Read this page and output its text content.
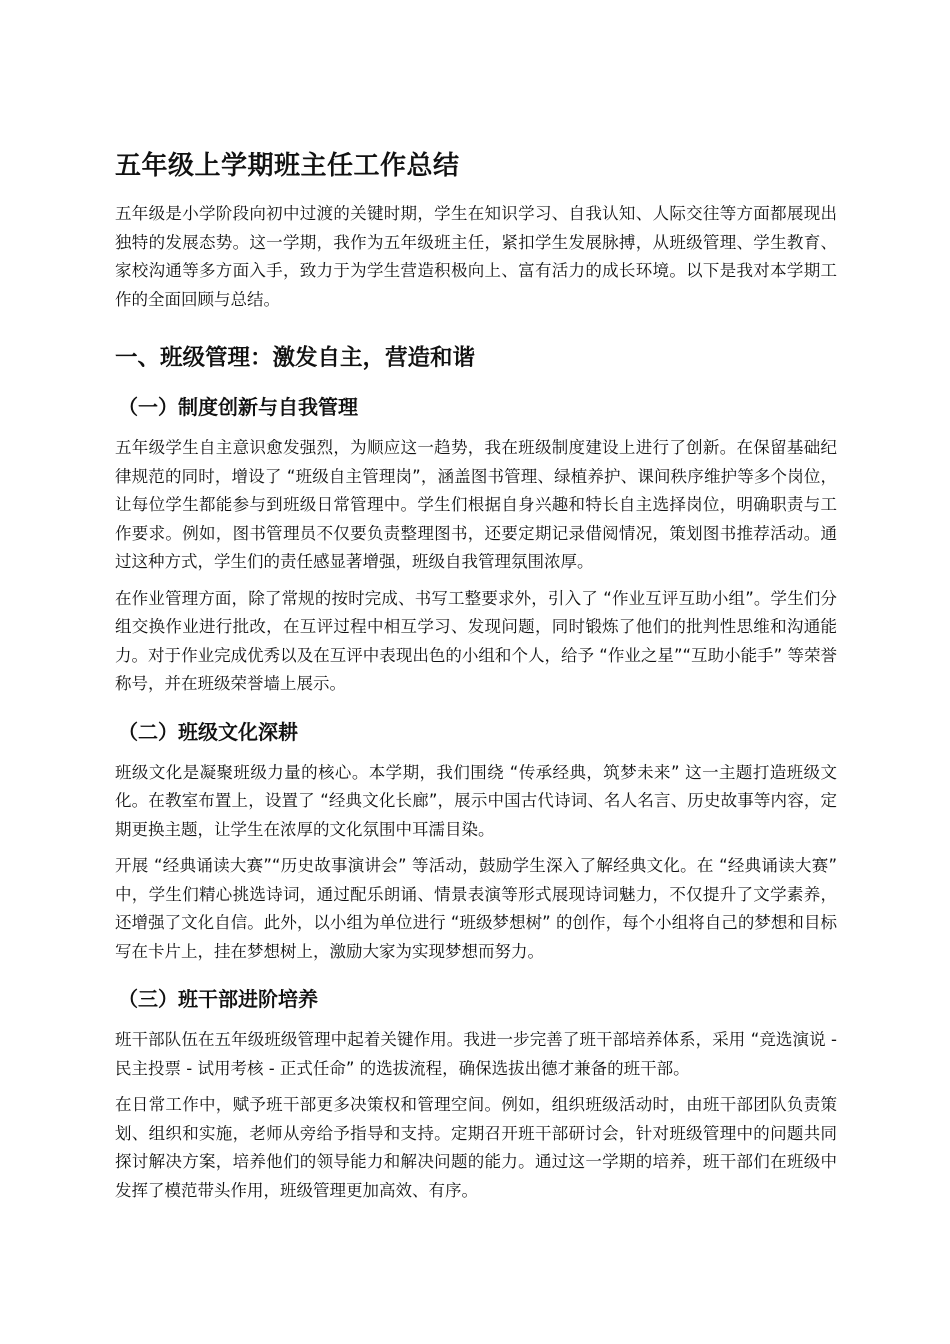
五年级上学期班主任工作总结

五年级是小学阶段向初中过渡的关键时期，学生在知识学习、自我认知、人际交往等方面都展现出独特的发展态势。这一学期，我作为五年级班主任，紧扣学生发展脉搏，从班级管理、学生教育、家校沟通等多方面入手，致力于为学生营造积极向上、富有活力的成长环境。以下是我对本学期工作的全面回顾与总结。

一、班级管理：激发自主，营造和谐
（一）制度创新与自我管理

五年级学生自主意识愈发强烈，为顺应这一趋势，我在班级制度建设上进行了创新。在保留基础纪律规范的同时，增设了 “班级自主管理岗”，涵盖图书管理、绿植养护、课间秩序维护等多个岗位，让每位学生都能参与到班级日常管理中。学生们根据自身兴趣和特长自主选择岗位，明确职责与工作要求。例如，图书管理员不仅要负责整理图书，还要定期记录借阅情况，策划图书推荐活动。通过这种方式，学生们的责任感显著增强，班级自我管理氛围浓厚。

在作业管理方面，除了常规的按时完成、书写工整要求外，引入了 “作业互评互助小组”。学生们分组交换作业进行批改，在互评过程中相互学习、发现问题，同时锻炼了他们的批判性思维和沟通能力。对于作业完成优秀以及在互评中表现出色的小组和个人，给予 “作业之星”“互助小能手” 等荣誉称号，并在班级荣誉墙上展示。

（二）班级文化深耕

班级文化是凝聚班级力量的核心。本学期，我们围绕 “传承经典，筑梦未来” 这一主题打造班级文化。在教室布置上，设置了 “经典文化长廊”，展示中国古代诗词、名人名言、历史故事等内容，定期更换主题，让学生在浓厚的文化氛围中耳濡目染。

开展 “经典诵读大赛”“历史故事演讲会” 等活动，鼓励学生深入了解经典文化。在 “经典诵读大赛” 中，学生们精心挑选诗词，通过配乐朗诵、情景表演等形式展现诗词魅力，不仅提升了文学素养，还增强了文化自信。此外，以小组为单位进行 “班级梦想树” 的创作，每个小组将自己的梦想和目标写在卡片上，挂在梦想树上，激励大家为实现梦想而努力。

（三）班干部进阶培养

班干部队伍在五年级班级管理中起着关键作用。我进一步完善了班干部培养体系，采用 “竞选演说 - 民主投票 - 试用考核 - 正式任命” 的选拔流程，确保选拔出德才兼备的班干部。

在日常工作中，赋予班干部更多决策权和管理空间。例如，组织班级活动时，由班干部团队负责策划、组织和实施，老师从旁给予指导和支持。定期召开班干部研讨会，针对班级管理中的问题共同探讨解决方案，培养他们的领导能力和解决问题的能力。通过这一学期的培养，班干部们在班级中发挥了模范带头作用，班级管理更加高效、有序。
